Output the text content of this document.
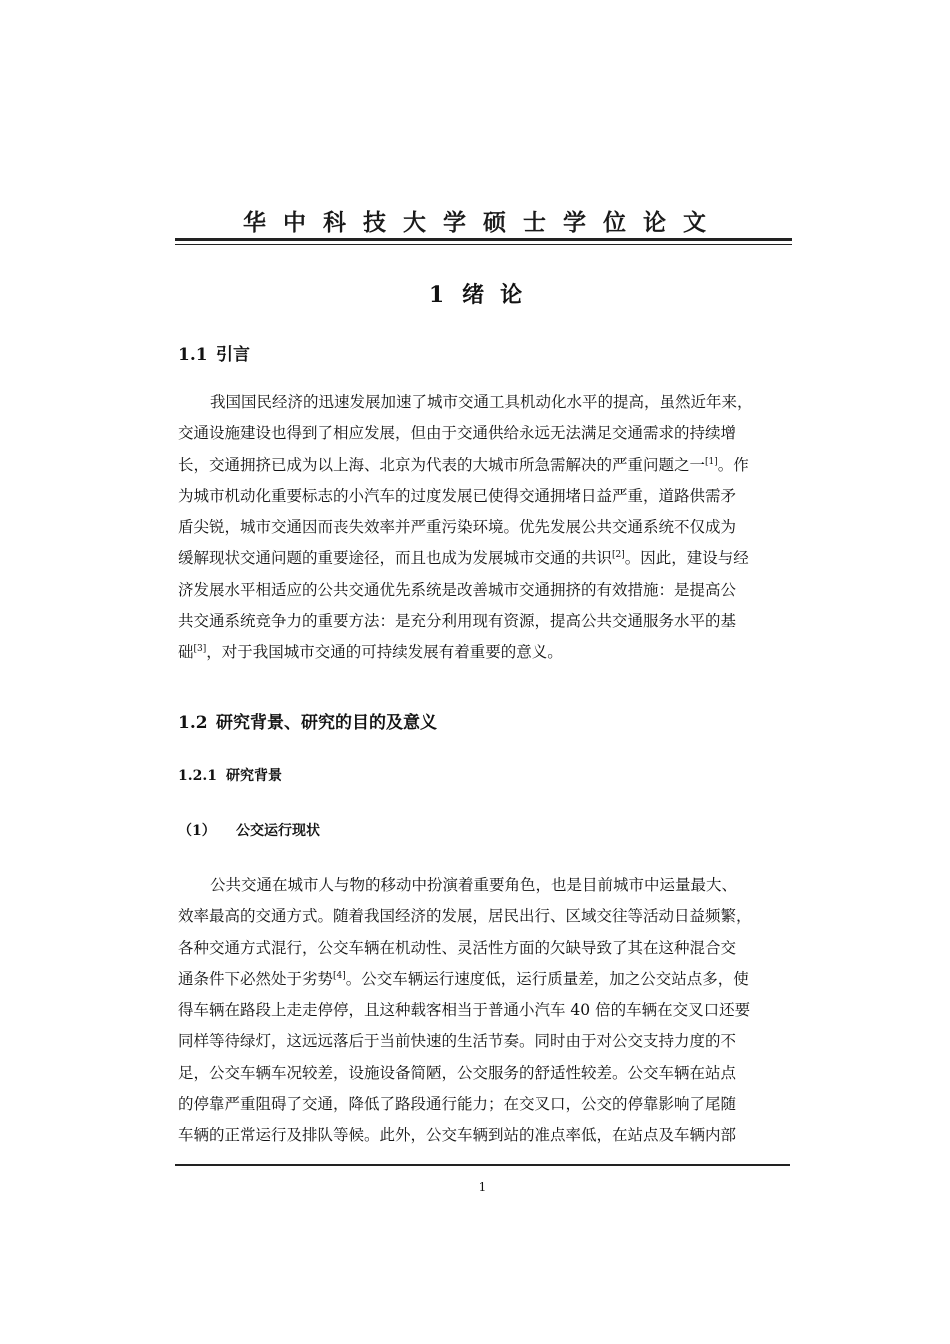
华中科技大学硕士学位论文
1 绪论
1.1 引言
我国国民经济的迅速发展加速了城市交通工具机动化水平的提高，虽然近年来，
交通设施建设也得到了相应发展，但由于交通供给永远无法满足交通需求的持续增
长，交通拥挤已成为以上海、北京为代表的大城市所急需解决的严重问题之一[1]。作
为城市机动化重要标志的小汽车的过度发展已使得交通拥堵日益严重，道路供需矛
盾尖锐，城市交通因而丧失效率并严重污染环境。优先发展公共交通系统不仅成为
缓解现状交通问题的重要途径，而且也成为发展城市交通的共识[2]。因此，建设与经
济发展水平相适应的公共交通优先系统是改善城市交通拥挤的有效措施：是提高公
共交通系统竞争力的重要方法：是充分利用现有资源，提高公共交通服务水平的基
础[3]，对于我国城市交通的可持续发展有着重要的意义。
1.2 研究背景、研究的目的及意义
1.2.1 研究背景
（1） 公交运行现状
公共交通在城市人与物的移动中扮演着重要角色，也是目前城市中运量最大、
效率最高的交通方式。随着我国经济的发展，居民出行、区域交往等活动日益频繁，
各种交通方式混行，公交车辆在机动性、灵活性方面的欠缺导致了其在这种混合交
通条件下必然处于劣势[4]。公交车辆运行速度低，运行质量差，加之公交站点多，使
得车辆在路段上走走停停，且这种载客相当于普通小汽车 40 倍的车辆在交叉口还要
同样等待绿灯，这远远落后于当前快速的生活节奏。同时由于对公交支持力度的不
足，公交车辆车况较差，设施设备简陋，公交服务的舒适性较差。公交车辆在站点
的停靠严重阻碍了交通，降低了路段通行能力；在交叉口，公交的停靠影响了尾随
车辆的正常运行及排队等候。此外，公交车辆到站的准点率低，在站点及车辆内部
1
